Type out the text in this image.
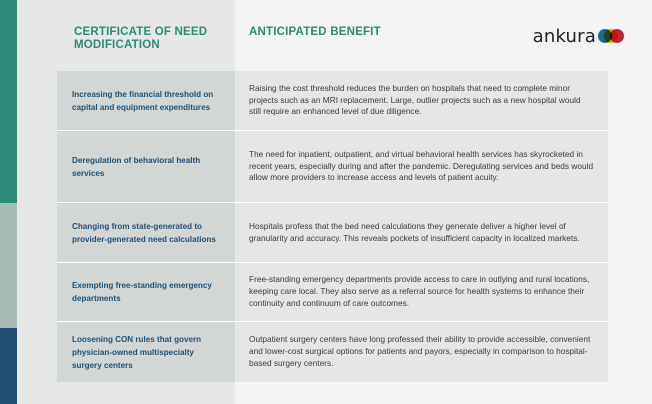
CERTIFICATE OF NEED MODIFICATION
ANTICIPATED BENEFIT	ankura
Increasing the financial threshold on capital and equipment expenditures
Raising the cost threshold reduces the burden on hospitals that need to complete minor projects such as an MRI replacement. Large, outlier projects such as a new hospital would still require an enhanced level of due diligence.
Deregulation of behavioral health services
The need for inpatient, outpatient, and virtual behavioral health services has skyrocketed in recent years, especially during and after the pandemic. Deregulating services and beds would allow more providers to increase access and levels of patient acuity.
Changing from state-generated to provider-generated need calculations
Hospitals profess that the bed need calculations they generate deliver a higher level of granularity and accuracy. This reveals pockets of insufficient capacity in localized markets.
Exempting free-standing emergency departments
Free-standing emergency departments provide access to care in outlying and rural locations, keeping care local. They also serve as a referral source for health systems to enhance their continuity and continuum of care outcomes.
Loosening CON rules that govern physician-owned multispecialty surgery centers
Outpatient surgery centers have long professed their ability to provide accessible, convenient and lower-cost surgical options for patients and payors, especially in comparison to hospital-based surgery centers.
